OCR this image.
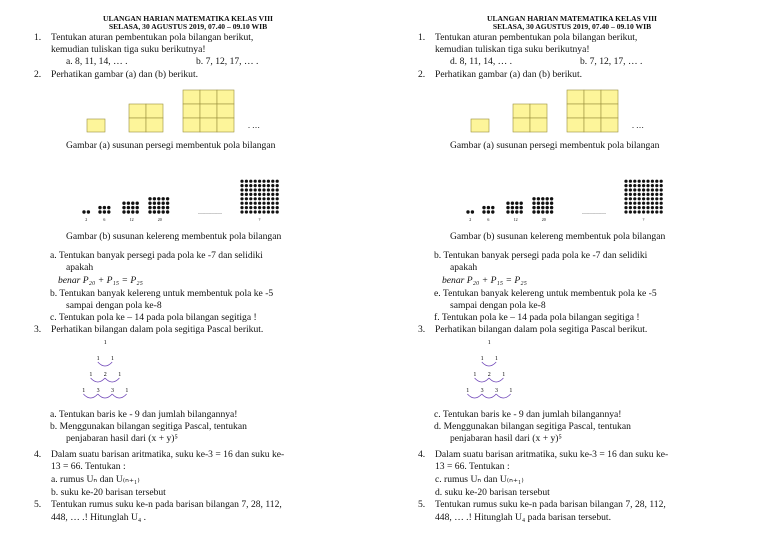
ULANGAN HARIAN MATEMATIKA KELAS VIII
SELASA, 30 AGUSTUS 2019, 07.40 – 09.10 WIB
1. Tentukan aturan pembentukan pola bilangan berikut,
kemudian tuliskan tiga suku berikutnya!
a. 8, 11, 14, … .	b. 7, 12, 17, … .
2. Perhatikan gambar (a) dan (b) berikut.
. …
Gambar (a) susunan persegi membentuk pola bilangan
2	6	12	20	?
…………
Gambar (b) susunan kelereng membentuk pola bilangan
a. Tentukan banyak persegi pada pola ke -7 dan selidiki
apakah
benar P₂₀ + P₁₅ = P₂₅
b. Tentukan banyak kelereng untuk membentuk pola ke -5
sampai dengan pola ke-8
c. Tentukan pola ke – 14 pada pola bilangan segitiga !
3. Perhatikan bilangan dalam pola segitiga Pascal berikut.
1
1 1
1 2 1
1 3 3 1
a. Tentukan baris ke - 9 dan jumlah bilangannya!
b. Menggunakan bilangan segitiga Pascal, tentukan
penjabaran hasil dari (x + y)⁵
4. Dalam suatu barisan aritmatika, suku ke-3 = 16 dan suku ke-
13 = 66. Tentukan :
a. rumus Uₙ dan U₍ₙ₊₁₎
b. suku ke-20 barisan tersebut
5. Tentukan rumus suku ke-n pada barisan bilangan 7, 28, 112,
448, … .! Hitunglah U₄ .
ULANGAN HARIAN MATEMATIKA KELAS VIII
SELASA, 30 AGUSTUS 2019, 07.40 – 09.10 WIB
1. Tentukan aturan pembentukan pola bilangan berikut,
kemudian tuliskan tiga suku berikutnya!
d. 8, 11, 14, … .	b. 7, 12, 17, … .
2. Perhatikan gambar (a) dan (b) berikut.
. …
Gambar (a) susunan persegi membentuk pola bilangan
2	6	12	20	?
…………
Gambar (b) susunan kelereng membentuk pola bilangan
b. Tentukan banyak persegi pada pola ke -7 dan selidiki
apakah
benar P₂₀ + P₁₅ = P₂₅
e. Tentukan banyak kelereng untuk membentuk pola ke -5
sampai dengan pola ke-8
f. Tentukan pola ke – 14 pada pola bilangan segitiga !
3. Perhatikan bilangan dalam pola segitiga Pascal berikut.
1
1 1
1 2 1
1 3 3 1
c. Tentukan baris ke - 9 dan jumlah bilangannya!
d. Menggunakan bilangan segitiga Pascal, tentukan
penjabaran hasil dari (x + y)⁵
4. Dalam suatu barisan aritmatika, suku ke-3 = 16 dan suku ke-
13 = 66. Tentukan :
c. rumus Uₙ dan U₍ₙ₊₁₎
d. suku ke-20 barisan tersebut
5. Tentukan rumus suku ke-n pada barisan bilangan 7, 28, 112,
448, … .! Hitunglah U₄ pada barisan tersebut.
